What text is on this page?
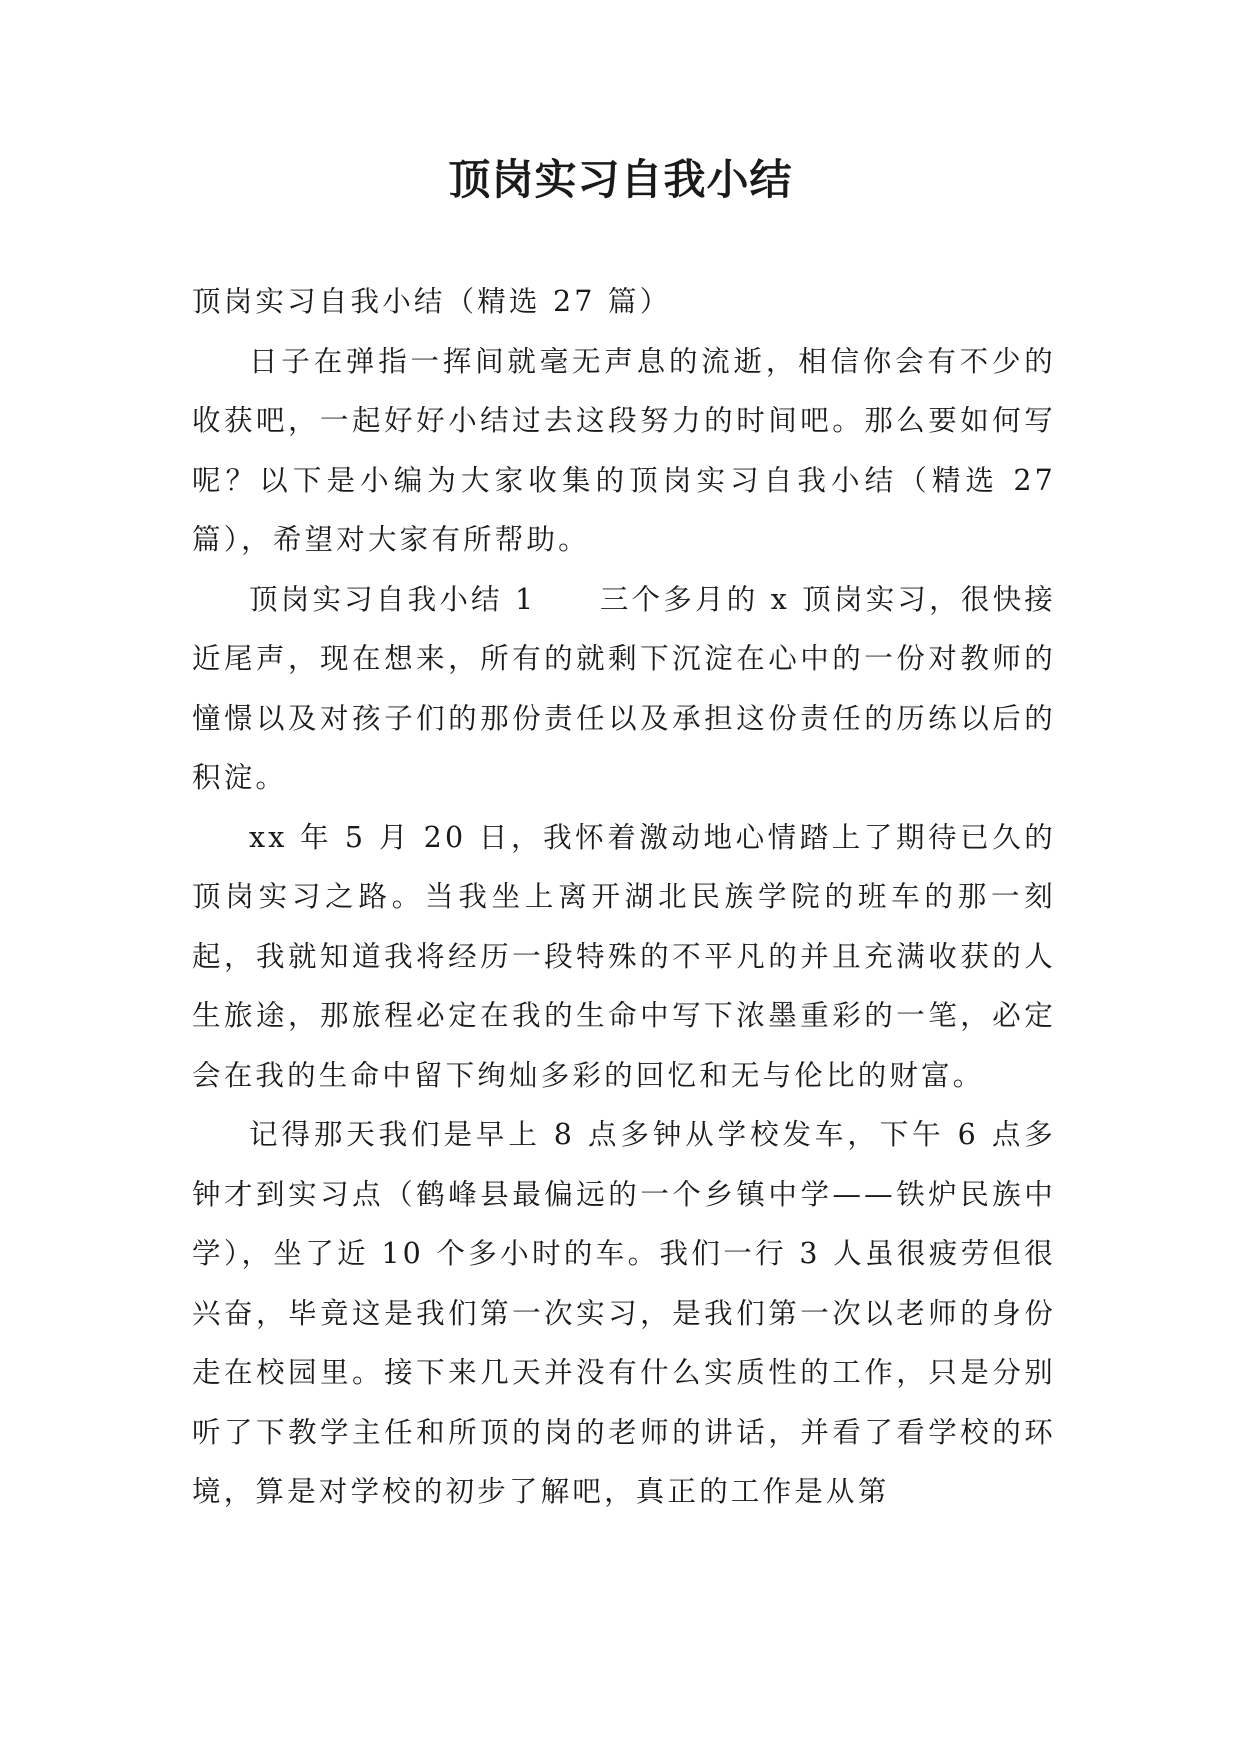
顶岗实习自我小结

顶岗实习自我小结（精选 27 篇）

日子在弹指一挥间就毫无声息的流逝，相信你会有不少的收获吧，一起好好小结过去这段努力的时间吧。那么要如何写呢？以下是小编为大家收集的顶岗实习自我小结（精选 27 篇），希望对大家有所帮助。

顶岗实习自我小结 1　　三个多月的 x 顶岗实习，很快接近尾声，现在想来，所有的就剩下沉淀在心中的一份对教师的憧憬以及对孩子们的那份责任以及承担这份责任的历练以后的积淀。

xx 年 5 月 20 日，我怀着激动地心情踏上了期待已久的顶岗实习之路。当我坐上离开湖北民族学院的班车的那一刻起，我就知道我将经历一段特殊的不平凡的并且充满收获的人生旅途，那旅程必定在我的生命中写下浓墨重彩的一笔，必定会在我的生命中留下绚灿多彩的回忆和无与伦比的财富。

记得那天我们是早上 8 点多钟从学校发车，下午 6 点多钟才到实习点（鹤峰县最偏远的一个乡镇中学——铁炉民族中学），坐了近 10 个多小时的车。我们一行 3 人虽很疲劳但很兴奋，毕竟这是我们第一次实习，是我们第一次以老师的身份走在校园里。接下来几天并没有什么实质性的工作，只是分别听了下教学主任和所顶的岗的老师的讲话，并看了看学校的环境，算是对学校的初步了解吧，真正的工作是从第
